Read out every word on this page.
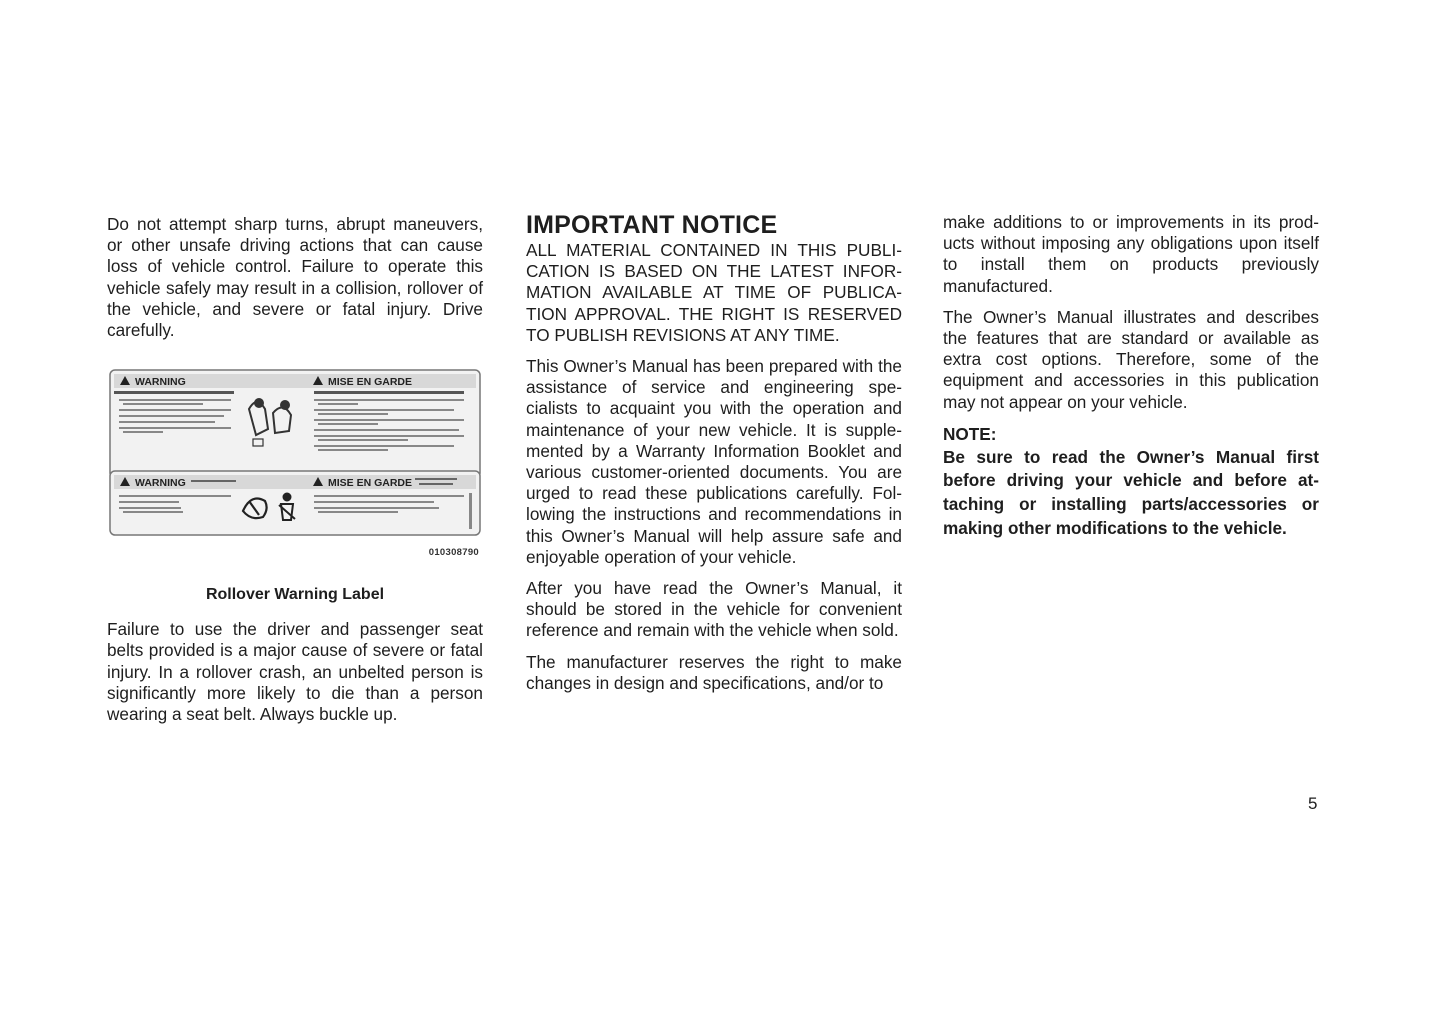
Do not attempt sharp turns, abrupt maneuvers, or other unsafe driving actions that can cause loss of vehicle control. Failure to operate this vehicle safely may result in a collision, rollover of the vehicle, and severe or fatal injury. Drive carefully.

WARNING	MISE EN GARDE
WARNING	MISE EN GARDE
010308790

Rollover Warning Label

Failure to use the driver and passenger seat belts provided is a major cause of severe or fatal injury. In a rollover crash, an unbelted person is significantly more likely to die than a person wearing a seat belt. Always buckle up.

IMPORTANT NOTICE

ALL MATERIAL CONTAINED IN THIS PUBLI-CATION IS BASED ON THE LATEST INFOR-MATION AVAILABLE AT TIME OF PUBLICA-TION APPROVAL. THE RIGHT IS RESERVED TO PUBLISH REVISIONS AT ANY TIME.

This Owner’s Manual has been prepared with the assistance of service and engineering spe-cialists to acquaint you with the operation and maintenance of your new vehicle. It is supple-mented by a Warranty Information Booklet and various customer-oriented documents. You are urged to read these publications carefully. Fol-lowing the instructions and recommendations in this Owner’s Manual will help assure safe and enjoyable operation of your vehicle.

After you have read the Owner’s Manual, it should be stored in the vehicle for convenient reference and remain with the vehicle when sold.

The manufacturer reserves the right to make changes in design and specifications, and/or to

make additions to or improvements in its prod-ucts without imposing any obligations upon itself to install them on products previously manufactured.

The Owner’s Manual illustrates and describes the features that are standard or available as extra cost options. Therefore, some of the equipment and accessories in this publication may not appear on your vehicle.

NOTE:

Be sure to read the Owner’s Manual first before driving your vehicle and before at-taching or installing parts/accessories or making other modifications to the vehicle.

5
